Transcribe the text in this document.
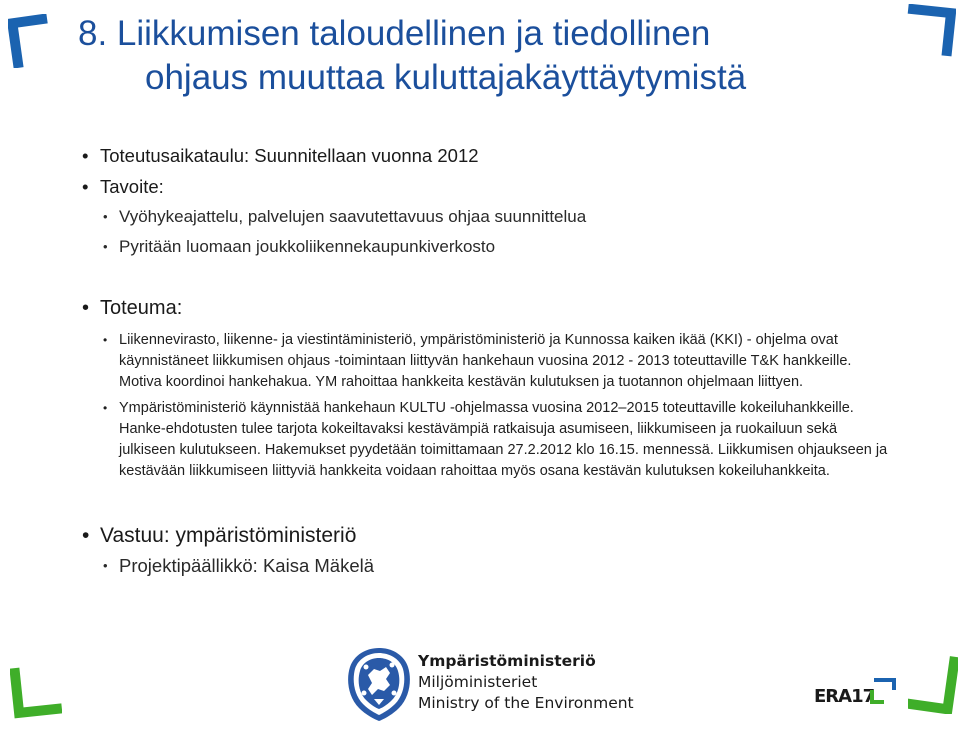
8. Liikkumisen taloudellinen ja tiedollinen
ohjaus muuttaa kuluttajakäyttäytymistä
• Toteutusaikataulu: Suunnitellaan vuonna 2012
• Tavoite:
• Vyöhykeajattelu, palvelujen saavutettavuus ohjaa suunnittelua
• Pyritään luomaan joukkoliikennekaupunkiverkosto
• Toteuma:
• Liikennevirasto, liikenne- ja viestintäministeriö, ympäristöministeriö ja Kunnossa kaiken ikää (KKI) - ohjelma ovat käynnistäneet liikkumisen ohjaus -toimintaan liittyvän hankehaun vuosina 2012 - 2013 toteuttaville T&K hankkeille. Motiva koordinoi hankehakua. YM rahoittaa hankkeita kestävän kulutuksen ja tuotannon ohjelmaan liittyen.
• Ympäristöministeriö käynnistää hankehaun KULTU -ohjelmassa vuosina 2012–2015 toteuttaville kokeiluhankkeille. Hanke-ehdotusten tulee tarjota kokeiltavaksi kestävämpiä ratkaisuja asumiseen, liikkumiseen ja ruokailuun sekä julkiseen kulutukseen. Hakemukset pyydetään toimittamaan 27.2.2012 klo 16.15. mennessä. Liikkumisen ohjaukseen ja kestävään liikkumiseen liittyviä hankkeita voidaan rahoittaa myös osana kestävän kulutuksen kokeiluhankkeita.
• Vastuu: ympäristöministeriö
• Projektipäällikkö: Kaisa Mäkelä
Ympäristöministeriö
Miljöministeriet
Ministry of the Environment	ERA17
